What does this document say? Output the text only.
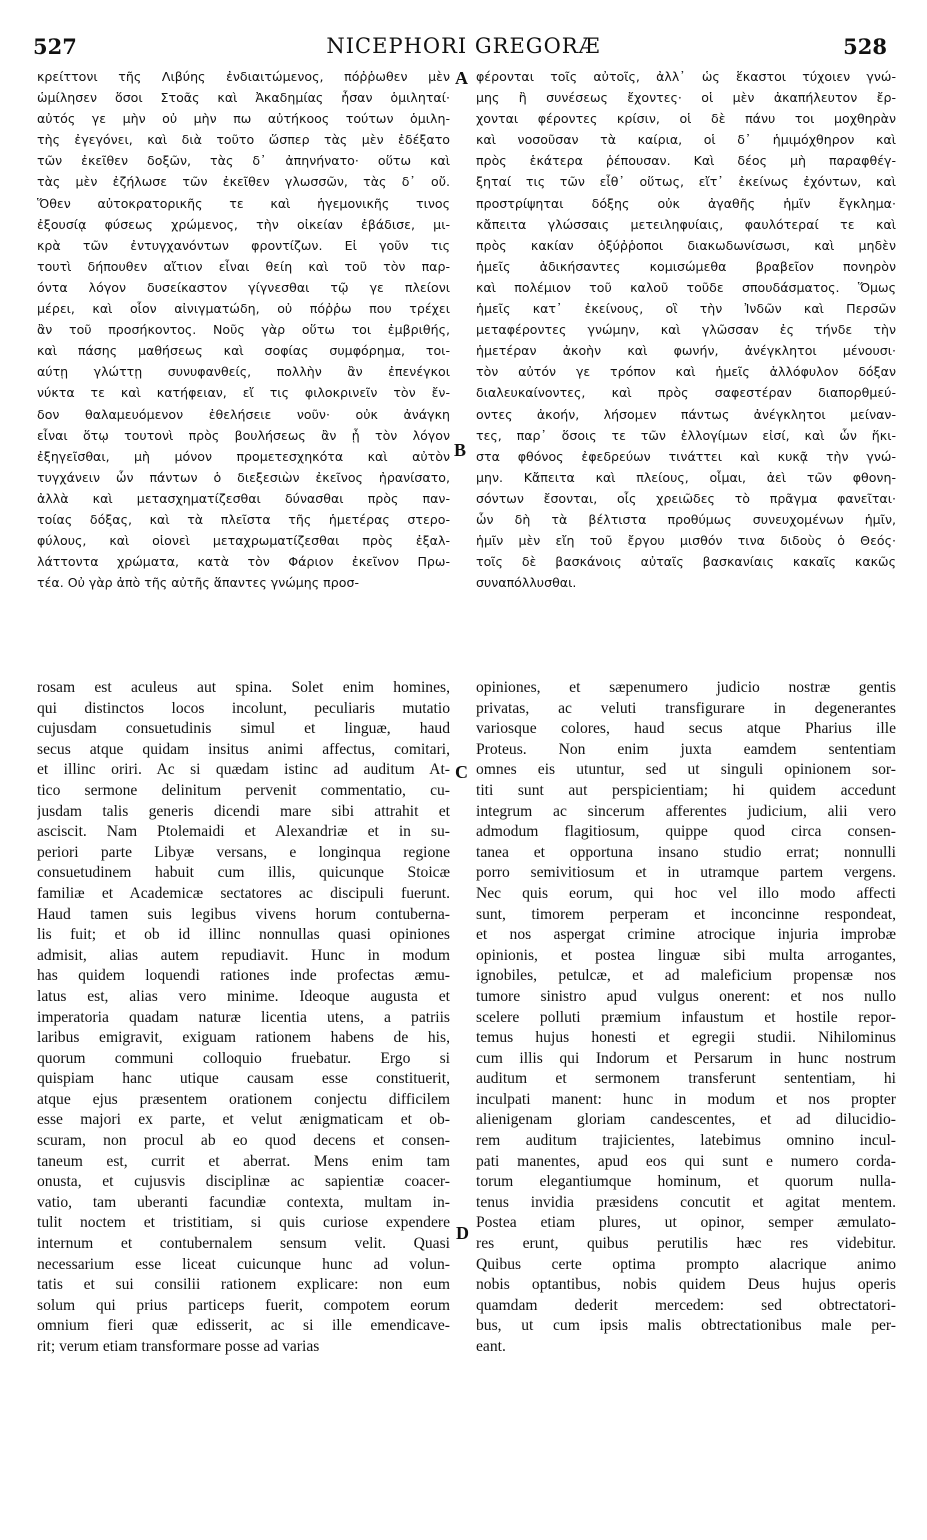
527	NICEPHORI GREGORÆ	528
κρείττονι τῆς Λιβύης ἐνδιαιτώμενος, πόῤῥωθεν μὲν
ὡμίλησεν ὅσοι Στοᾶς καὶ Ἀκαδημίας ἦσαν ὁμιληταί·
αὐτός γε μὴν οὐ μὴν πω αὐτήκοος τούτων ὁμιλη-
τὴς ἐγεγόνει, καὶ διὰ τοῦτο ὥσπερ τὰς μὲν ἐδέξατο
τῶν ἐκεῖθεν δοξῶν, τὰς δ᾽ ἀπηνήνατο· οὕτω καὶ
τὰς μὲν ἐζήλωσε τῶν ἐκεῖθεν γλωσσῶν, τὰς δ᾽ οὔ.
Ὅθεν αὐτοκρατορικῆς τε καὶ ἡγεμονικῆς τινος
ἐξουσίᾳ φύσεως χρώμενος, τὴν οἰκείαν ἐβάδισε, μι-
κρὰ τῶν ἐντυγχανόντων φροντίζων. Εἰ γοῦν τις
τουτὶ δήπουθεν αἴτιον εἶναι θείη καὶ τοῦ τὸν παρ-
όντα λόγον δυσείκαστον γίγνεσθαι τῷ γε πλείονι
μέρει, καὶ οἷον αἰνιγματώδη, οὐ πόῤῥω που τρέχει
ἂν τοῦ προσήκοντος. Νοῦς γὰρ οὕτω τοι ἐμβριθής,
καὶ πάσης μαθήσεως καὶ σοφίας συμφόρημα, τοι-
αύτῃ γλώττῃ συνυφανθείς, πολλὴν ἂν ἐπενέγκοι
νύκτα τε καὶ κατήφειαν, εἴ τις φιλοκρινεῖν τὸν ἔν-
δον θαλαμευόμενον ἐθελήσειε νοῦν· οὐκ ἀνάγκη
εἶναι ὅτῳ τουτονὶ πρὸς βουλήσεως ἂν ᾖ τὸν λόγον
ἐξηγεῖσθαι, μὴ μόνον προμετεσχηκότα καὶ αὐτὸν
τυγχάνειν ὧν πάντων ὁ διεξεσιὼν ἐκεῖνος ἠρανίσατο,
ἀλλὰ καὶ μετασχηματίζεσθαι δύνασθαι πρὸς παν-
τοίας δόξας, καὶ τὰ πλεῖστα τῆς ἡμετέρας στερο-
φύλους, καὶ οἱονεὶ μεταχρωματίζεσθαι πρὸς ἐξαλ-
λάττοντα χρώματα, κατὰ τὸν Φάριον ἐκεῖνον Πρω-
τέα. Οὐ γὰρ ἀπὸ τῆς αὐτῆς ἅπαντες γνώμης προσ-
φέρονται τοῖς αὐτοῖς, ἀλλ᾽ ὡς ἕκαστοι τύχοιεν γνώ-
μης ἢ συνέσεως ἔχοντες· οἱ μὲν ἀκαπήλευτον ἔρ-
χονται φέροντες κρίσιν, οἱ δὲ πάνυ τοι μοχθηρὰν
καὶ νοσοῦσαν τὰ καίρια, οἱ δ᾽ ἡμιμόχθηρον καὶ
πρὸς ἑκάτερα ῥέπουσαν. Καὶ δέος μὴ παραφθέγ-
ξηταί τις τῶν εἶθ᾽ οὕτως, εἴτ᾽ ἐκείνως ἐχόντων, καὶ
προστρίψηται δόξης οὐκ ἀγαθῆς ἡμῖν ἔγκλημα·
κἄπειτα γλώσσαις μετειληφυίαις, φαυλότεραί τε καὶ
πρὸς κακίαν ὀξύῤῥοποι διακωδωνίσωσι, καὶ μηδὲν
ἡμεῖς ἀδικήσαντες κομισώμεθα βραβεῖον πονηρὸν
καὶ πολέμιον τοῦ καλοῦ τοῦδε σπουδάσματος. Ὅμως
ἡμεῖς κατ᾽ ἐκείνους, οἳ τὴν Ἰνδῶν καὶ Περσῶν
μεταφέροντες γνώμην, καὶ γλῶσσαν ἐς τήνδε τὴν
ἡμετέραν ἀκοὴν καὶ φωνήν, ἀνέγκλητοι μένουσι·
τὸν αὐτόν γε τρόπον καὶ ἡμεῖς ἀλλόφυλον δόξαν
διαλευκαίνοντες, καὶ πρὸς σαφεστέραν διαπορθμεύ-
οντες ἀκοήν, λήσομεν πάντως ἀνέγκλητοι μείναν-
τες, παρ᾽ ὅσοις τε τῶν ἐλλογίμων εἰσί, καὶ ὧν ἥκι-
στα φθόνος ἐφεδρεύων τινάττει καὶ κυκᾷ τὴν γνώ-
μην. Κἄπειτα καὶ πλείους, οἶμαι, ἀεὶ τῶν φθονη-
σόντων ἔσονται, οἷς χρειῶδες τὸ πρᾶγμα φανεῖται·
ὧν δὴ τὰ βέλτιστα προθύμως συνευχομένων ἡμῖν,
ἡμῖν μὲν εἴη τοῦ ἔργου μισθόν τινα διδοὺς ὁ Θεός·
τοῖς δὲ βασκάνοις αὐταῖς βασκανίαις κακαῖς κακῶς
συναπόλλυσθαι.
rosam est aculeus aut spina. Solet enim homines,
qui distinctos locos incolunt, peculiaris mutatio
cujusdam consuetudinis simul et linguæ, haud
secus atque quidam insitus animi affectus, comitari,
et illinc oriri. Ac si quædam istinc ad auditum At-
tico sermone delinitum pervenit commentatio, cu-
jusdam talis generis dicendi mare sibi attrahit et
asciscit. Nam Ptolemaidi et Alexandriæ et in su-
periori parte Libyæ versans, e longinqua regione
consuetudinem habuit cum illis, quicunque Stoicæ
familiæ et Academicæ sectatores ac discipuli fuerunt.
Haud tamen suis legibus vivens horum contuberna-
lis fuit; et ob id illinc nonnullas quasi opiniones
admisit, alias autem repudiavit. Hunc in modum
has quidem loquendi rationes inde profectas æmu-
latus est, alias vero minime. Ideoque augusta et
imperatoria quadam naturæ licentia utens, a patriis
laribus emigravit, exiguam rationem habens de his,
quorum communi colloquio fruebatur. Ergo si
quispiam hanc utique causam esse constituerit,
atque ejus præsentem orationem conjectu difficilem
esse majori ex parte, et velut ænigmaticam et ob-
scuram, non procul ab eo quod decens et consen-
taneum est, currit et aberrat. Mens enim tam
onusta, et cujusvis disciplinæ ac sapientiæ coacer-
vatio, tam uberanti facundiæ contexta, multam in-
tulit noctem et tristitiam, si quis curiose expendere
internum et contubernalem sensum velit. Quasi
necessarium esse liceat cuicunque hunc ad volun-
tatis et sui consilii rationem explicare: non eum
solum qui prius particeps fuerit, compotem eorum
omnium fieri quæ edisserit, ac si ille emendicave-
rit; verum etiam transformare posse ad varias
opiniones, et sæpenumero judicio nostræ gentis
privatas, ac veluti transfigurare in degenerantes
variosque colores, haud secus atque Pharius ille
Proteus. Non enim juxta eamdem sententiam
omnes eis utuntur, sed ut singuli opinionem sor-
titi sunt aut perspicientiam; hi quidem accedunt
integrum ac sincerum afferentes judicium, alii vero
admodum flagitiosum, quippe quod circa consen-
tanea et opportuna insano studio errat; nonnulli
porro semivitiosum et in utramque partem vergens.
Nec quis eorum, qui hoc vel illo modo affecti
sunt, timorem perperam et inconcinne respondeat,
et nos aspergat crimine atrocique injuria improbæ
opinionis, et postea linguæ sibi multa arrogantes,
ignobiles, petulcæ, et ad maleficium propensæ nos
tumore sinistro apud vulgus onerent: et nos nullo
scelere polluti præmium infaustum et hostile repor-
temus hujus honesti et egregii studii. Nihilominus
cum illis qui Indorum et Persarum in hunc nostrum
auditum et sermonem transferunt sententiam, hi
inculpati manent: hunc in modum et nos propter
alienigenam gloriam candescentes, et ad dilucidio-
rem auditum trajicientes, latebimus omnino incul-
pati manentes, apud eos qui sunt e numero corda-
torum elegantiumque hominum, et quorum nulla-
tenus invidia præsidens concutit et agitat mentem.
Postea etiam plures, ut opinor, semper æmulato-
res erunt, quibus perutilis hæc res videbitur.
Quibus certe optima prompto alacrique animo
nobis optantibus, nobis quidem Deus hujus operis
quamdam dederit mercedem: sed obtrectatori-
bus, ut cum ipsis malis obtrectationibus male per-
eant.
A
B
C
D
